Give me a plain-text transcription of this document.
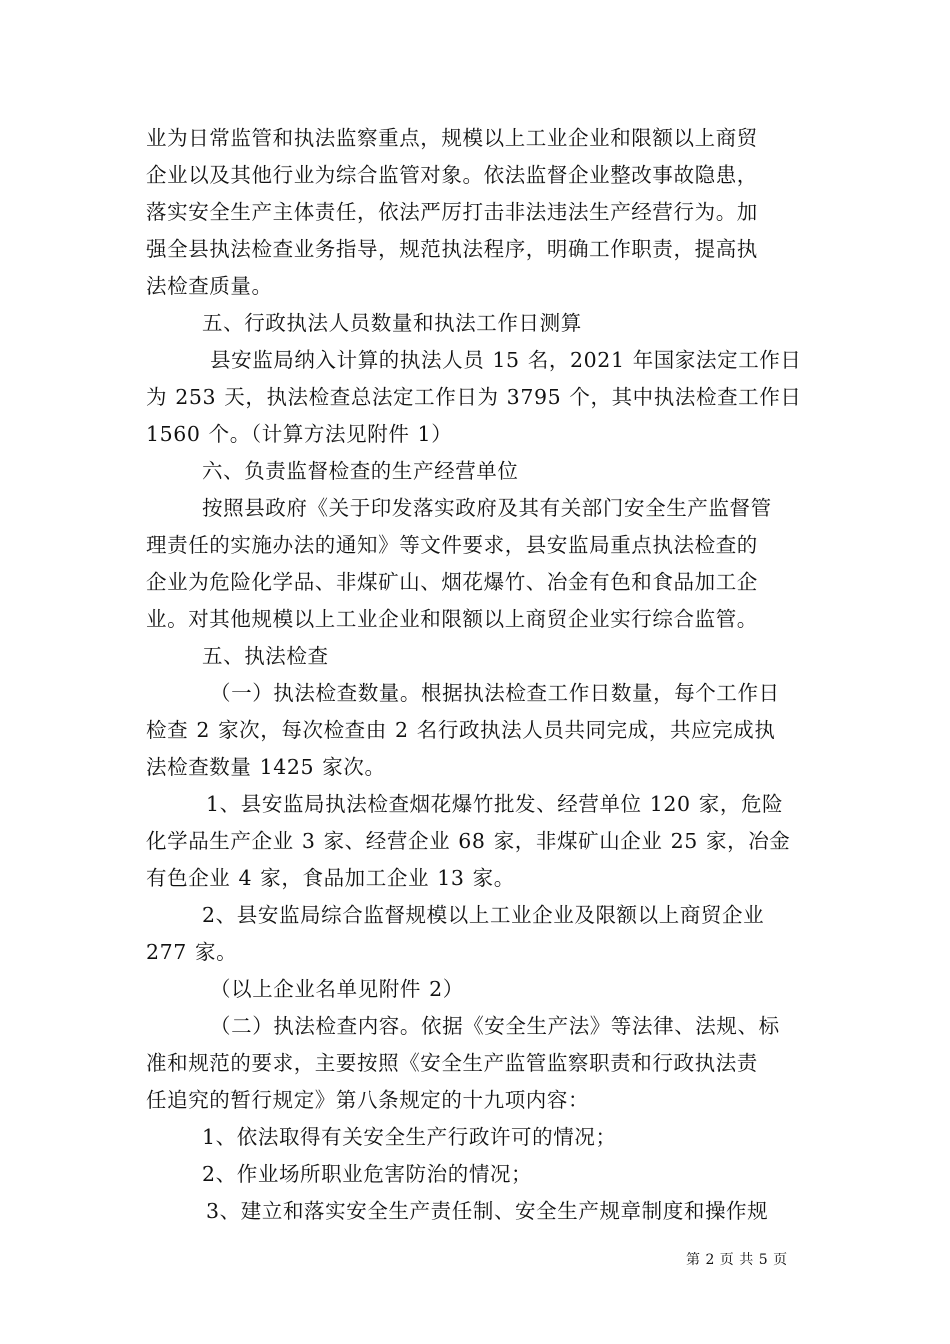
业为日常监管和执法监察重点，规模以上工业企业和限额以上商贸
企业以及其他行业为综合监管对象。依法监督企业整改事故隐患，
落实安全生产主体责任，依法严厉打击非法违法生产经营行为。加
强全县执法检查业务指导，规范执法程序，明确工作职责，提高执
法检查质量。
五、行政执法人员数量和执法工作日测算
县安监局纳入计算的执法人员 15 名，2021 年国家法定工作日
为 253 天，执法检查总法定工作日为 3795 个，其中执法检查工作日
1560 个。（计算方法见附件 1）
六、负责监督检查的生产经营单位
按照县政府《关于印发落实政府及其有关部门安全生产监督管
理责任的实施办法的通知》等文件要求，县安监局重点执法检查的
企业为危险化学品、非煤矿山、烟花爆竹、冶金有色和食品加工企
业。对其他规模以上工业企业和限额以上商贸企业实行综合监管。
五、执法检查
（一）执法检查数量。根据执法检查工作日数量，每个工作日
检查 2 家次，每次检查由 2 名行政执法人员共同完成，共应完成执
法检查数量 1425 家次。
1、县安监局执法检查烟花爆竹批发、经营单位 120 家，危险
化学品生产企业 3 家、经营企业 68 家，非煤矿山企业 25 家，冶金
有色企业 4 家，食品加工企业 13 家。
2、县安监局综合监督规模以上工业企业及限额以上商贸企业
277 家。
（以上企业名单见附件 2）
（二）执法检查内容。依据《安全生产法》等法律、法规、标
准和规范的要求，主要按照《安全生产监管监察职责和行政执法责
任追究的暂行规定》第八条规定的十九项内容：
1、依法取得有关安全生产行政许可的情况；
2、作业场所职业危害防治的情况；
3、建立和落实安全生产责任制、安全生产规章制度和操作规
第 2 页 共 5 页
